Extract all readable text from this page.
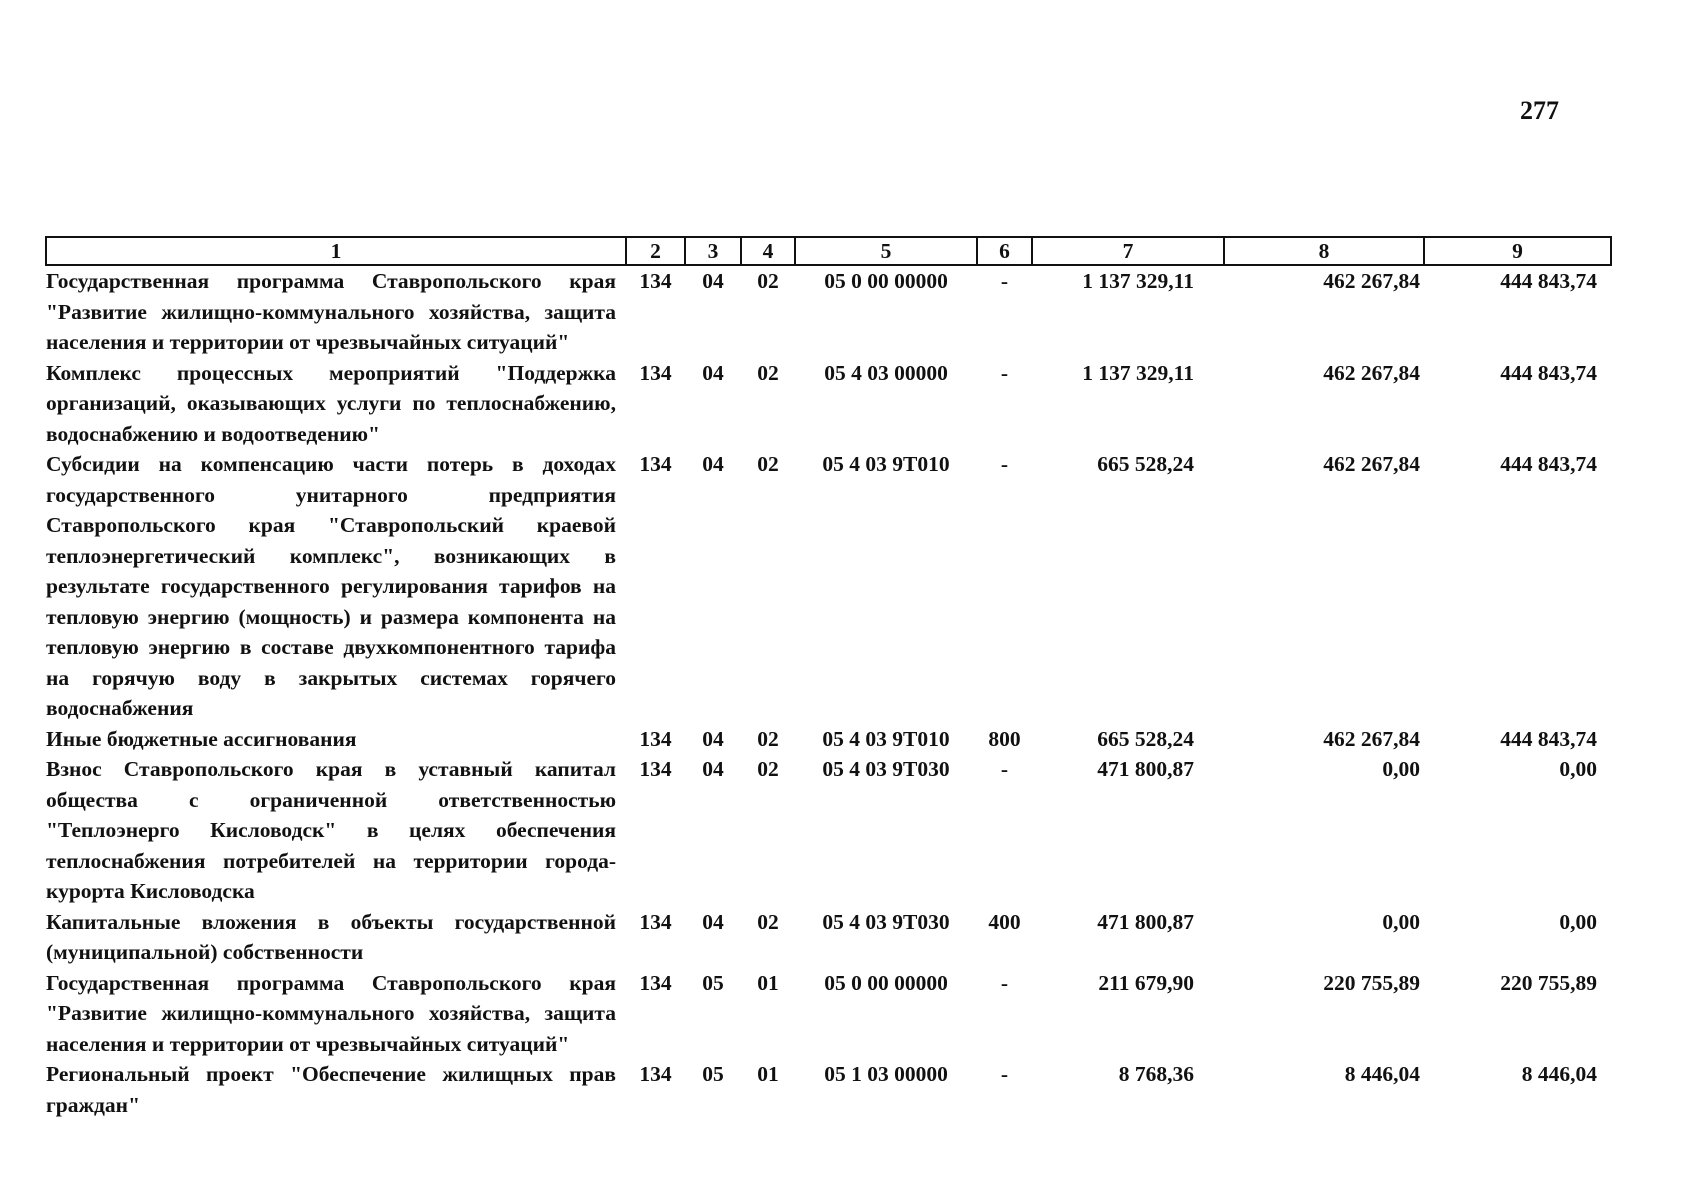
277
1	2	3	4	5	6	7	8	9
Государственная программа Ставропольского края "Развитие жилищно-коммунального хозяйства, защита населения и территории от чрезвычайных ситуаций"	134	04	02	05 0 00 00000	-	1 137 329,11	462 267,84	444 843,74
Комплекс процессных мероприятий "Поддержка организаций, оказывающих услуги по теплоснабжению, водоснабжению и водоотведению"	134	04	02	05 4 03 00000	-	1 137 329,11	462 267,84	444 843,74
Субсидии на компенсацию части потерь в доходах государственного унитарного предприятия Ставропольского края "Ставропольский краевой теплоэнергетический комплекс", возникающих в результате государственного регулирования тарифов на тепловую энергию (мощность) и размера компонента на тепловую энергию в составе двухкомпонентного тарифа на горячую воду в закрытых системах горячего водоснабжения	134	04	02	05 4 03 9Т010	-	665 528,24	462 267,84	444 843,74
Иные бюджетные ассигнования	134	04	02	05 4 03 9Т010	800	665 528,24	462 267,84	444 843,74
Взнос Ставропольского края в уставный капитал общества с ограниченной ответственностью "Теплоэнерго Кисловодск" в целях обеспечения теплоснабжения потребителей на территории города-курорта Кисловодска	134	04	02	05 4 03 9Т030	-	471 800,87	0,00	0,00
Капитальные вложения в объекты государственной (муниципальной) собственности	134	04	02	05 4 03 9Т030	400	471 800,87	0,00	0,00
Государственная программа Ставропольского края "Развитие жилищно-коммунального хозяйства, защита населения и территории от чрезвычайных ситуаций"	134	05	01	05 0 00 00000	-	211 679,90	220 755,89	220 755,89
Региональный проект "Обеспечение жилищных прав граждан"	134	05	01	05 1 03 00000	-	8 768,36	8 446,04	8 446,04
